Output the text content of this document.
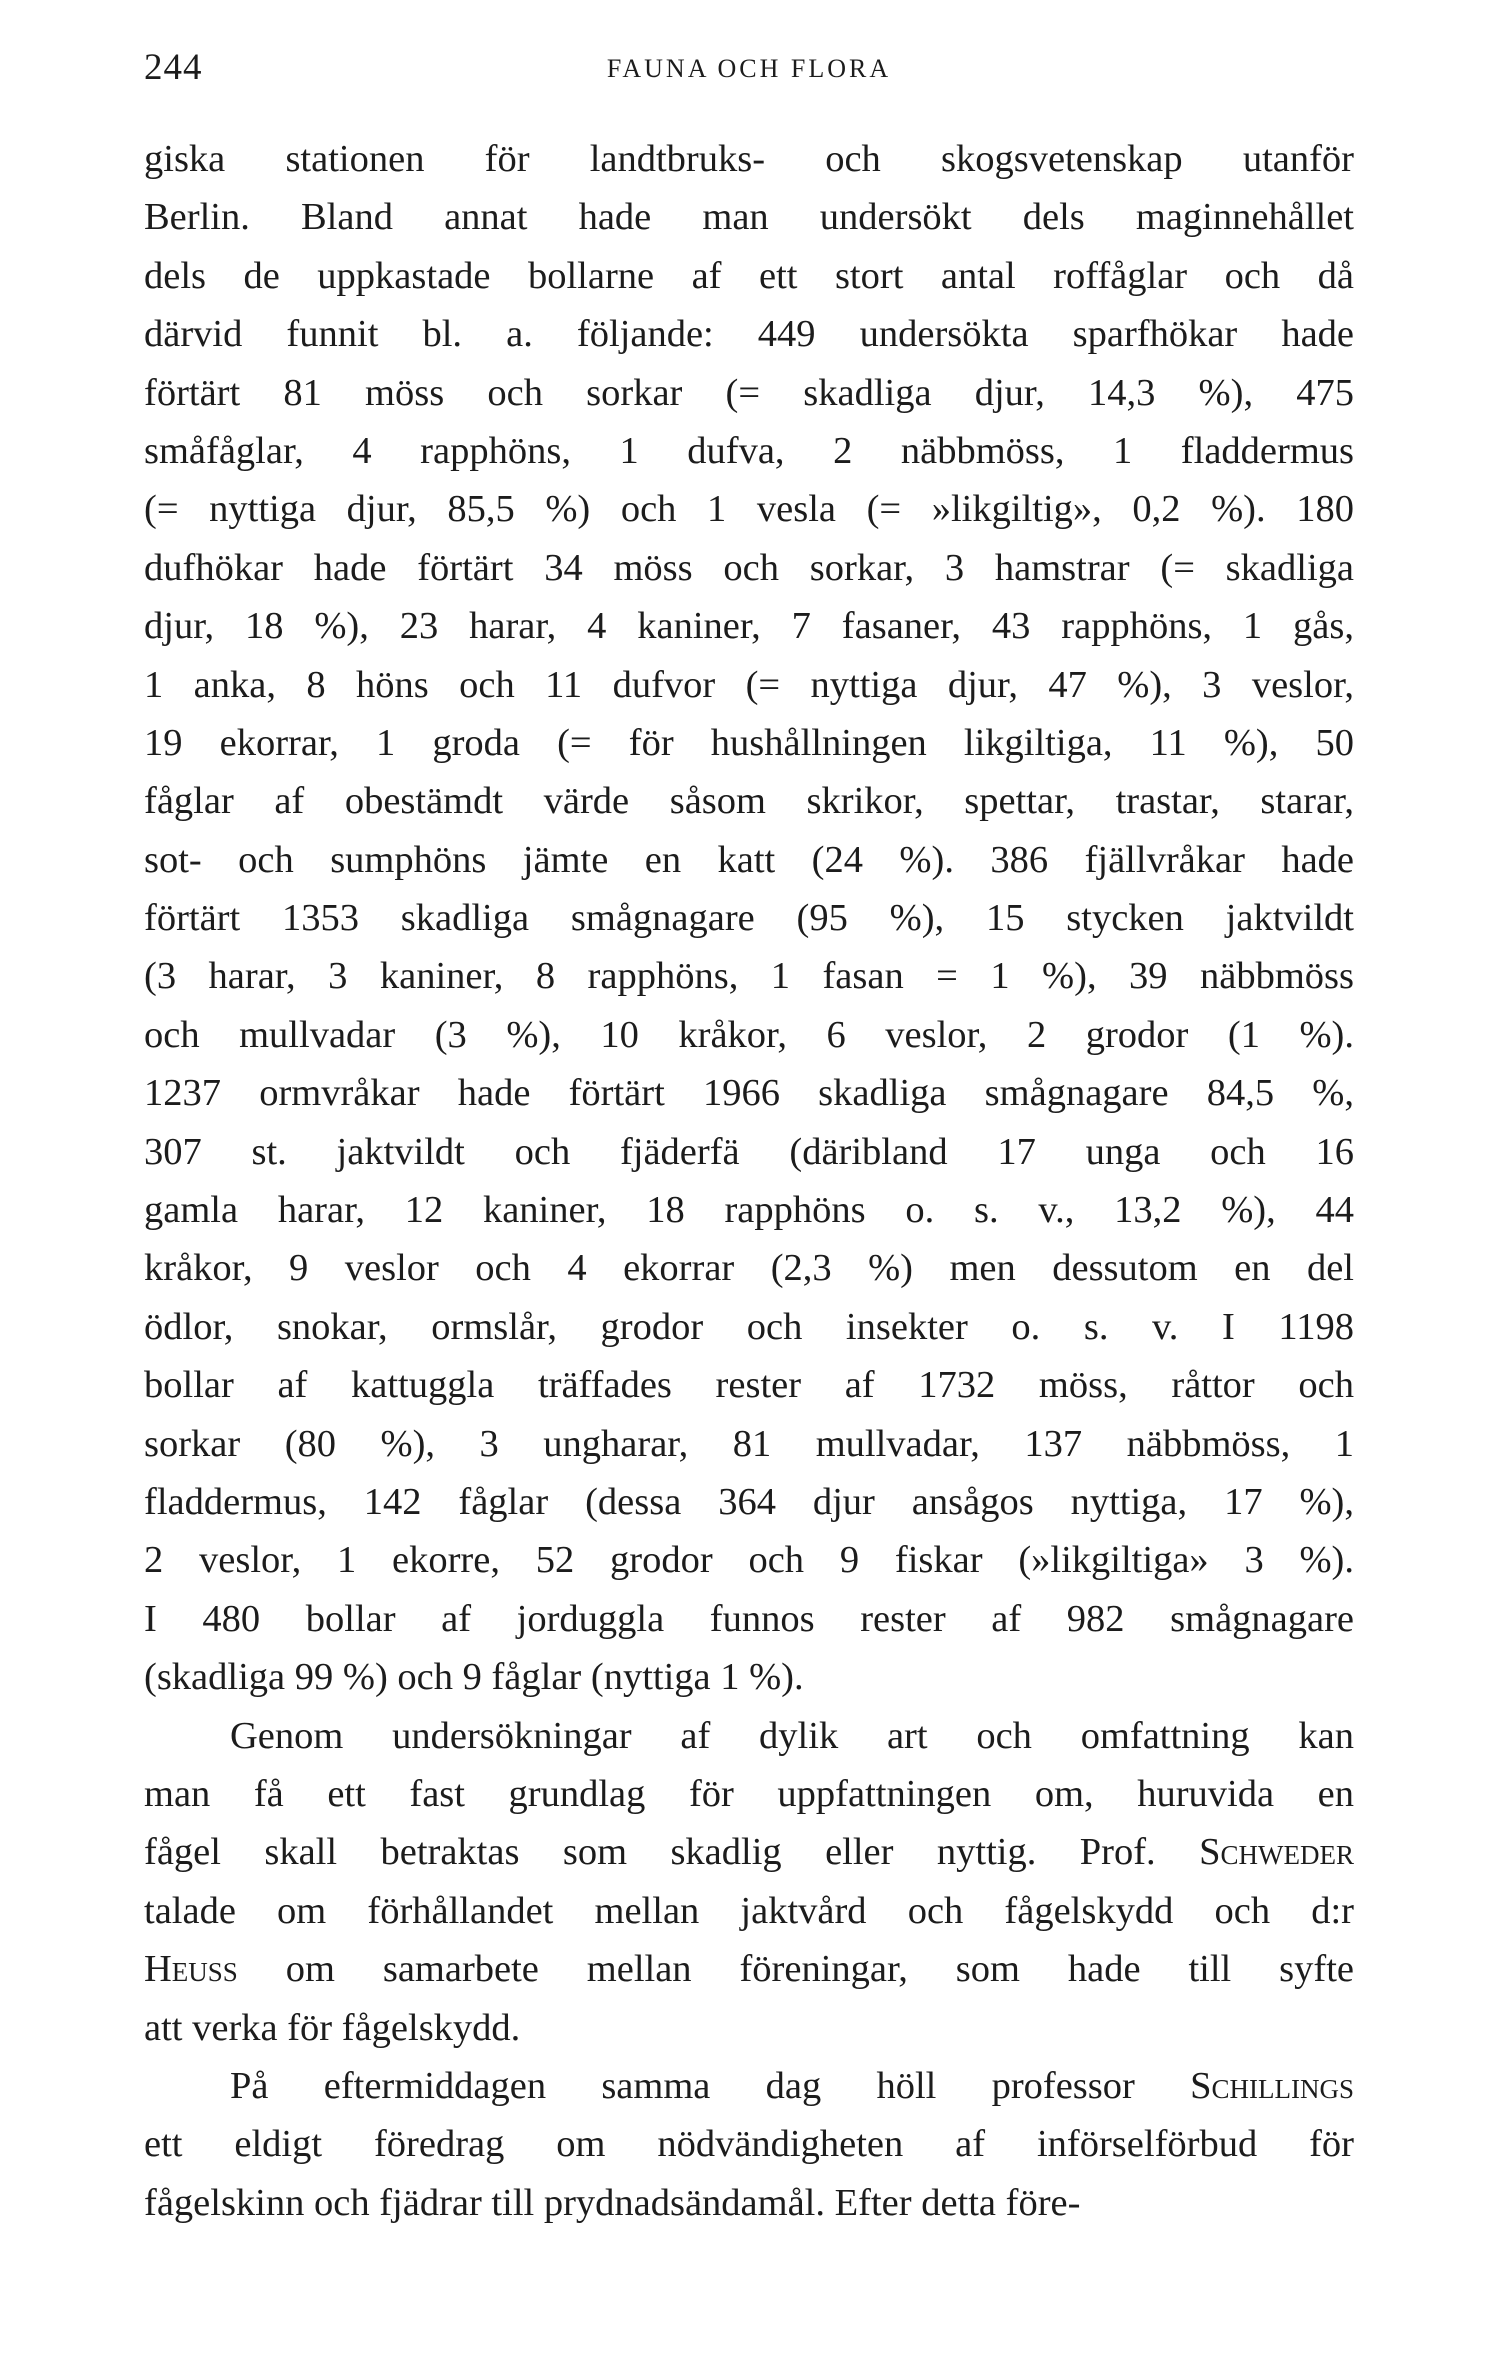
244	FAUNA OCH FLORA
giska stationen för landtbruks- och skogsvetenskap utanför
Berlin. Bland annat hade man undersökt dels maginnehållet
dels de uppkastade bollarne af ett stort antal roffåglar och då
därvid funnit bl. a. följande: 449 undersökta sparfhökar hade
förtärt 81 möss och sorkar (= skadliga djur, 14,3 %), 475
småfåglar, 4 rapphöns, 1 dufva, 2 näbbmöss, 1 fladdermus
(= nyttiga djur, 85,5 %) och 1 vesla (= »likgiltig», 0,2 %). 180
dufhökar hade förtärt 34 möss och sorkar, 3 hamstrar (= skadliga
djur, 18 %), 23 harar, 4 kaniner, 7 fasaner, 43 rapphöns, 1 gås,
1 anka, 8 höns och 11 dufvor (= nyttiga djur, 47 %), 3 veslor,
19 ekorrar, 1 groda (= för hushållningen likgiltiga, 11 %), 50
fåglar af obestämdt värde såsom skrikor, spettar, trastar, starar,
sot- och sumphöns jämte en katt (24 %). 386 fjällvråkar hade
förtärt 1353 skadliga smågnagare (95 %), 15 stycken jaktvildt
(3 harar, 3 kaniner, 8 rapphöns, 1 fasan = 1 %), 39 näbbmöss
och mullvadar (3 %), 10 kråkor, 6 veslor, 2 grodor (1 %).
1237 ormvråkar hade förtärt 1966 skadliga smågnagare 84,5 %,
307 st. jaktvildt och fjäderfä (däribland 17 unga och 16
gamla harar, 12 kaniner, 18 rapphöns o. s. v., 13,2 %), 44
kråkor, 9 veslor och 4 ekorrar (2,3 %) men dessutom en del
ödlor, snokar, ormslår, grodor och insekter o. s. v. I 1198
bollar af kattuggla träffades rester af 1732 möss, råttor och
sorkar (80 %), 3 ungharar, 81 mullvadar, 137 näbbmöss, 1
fladdermus, 142 fåglar (dessa 364 djur ansågos nyttiga, 17 %),
2 veslor, 1 ekorre, 52 grodor och 9 fiskar (»likgiltiga» 3 %).
I 480 bollar af jorduggla funnos rester af 982 smågnagare
(skadliga 99 %) och 9 fåglar (nyttiga 1 %).
Genom undersökningar af dylik art och omfattning kan
man få ett fast grundlag för uppfattningen om, huruvida en
fågel skall betraktas som skadlig eller nyttig. Prof. Schweder
talade om förhållandet mellan jaktvård och fågelskydd och d:r
Heuss om samarbete mellan föreningar, som hade till syfte
att verka för fågelskydd.
På eftermiddagen samma dag höll professor Schillings
ett eldigt föredrag om nödvändigheten af införselförbud för
fågelskinn och fjädrar till prydnadsändamål. Efter detta före-
